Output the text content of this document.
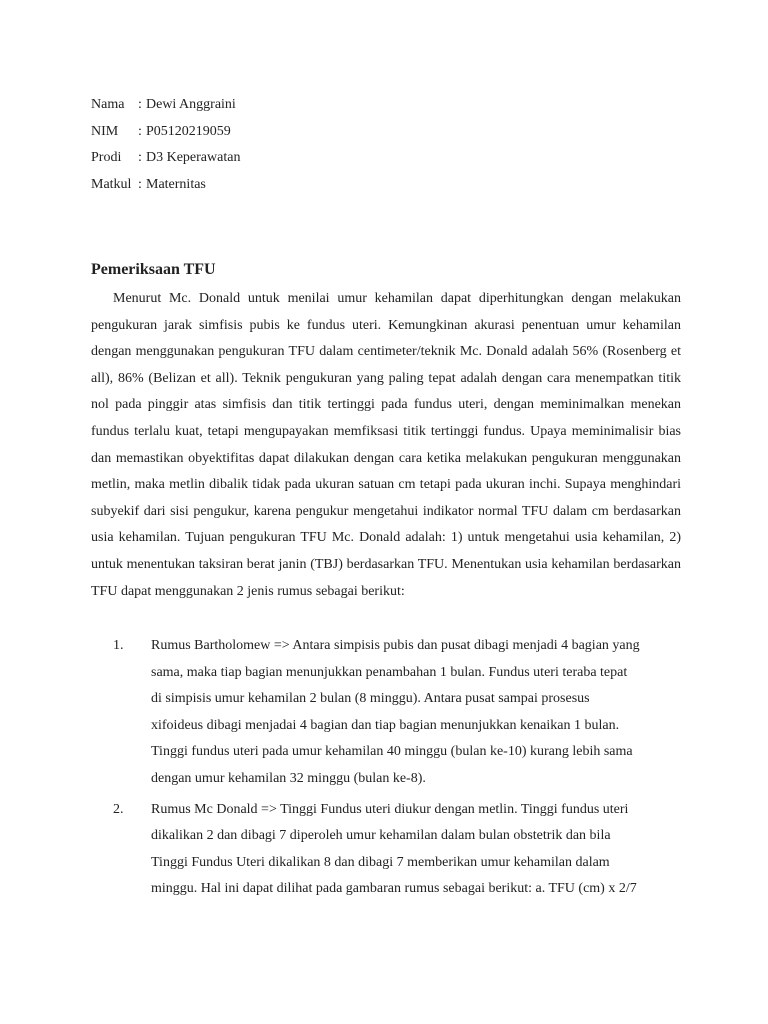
Nama : Dewi Anggraini
NIM	: P05120219059
Prodi	: D3 Keperawatan
Matkul : Maternitas
Pemeriksaan TFU

Menurut Mc. Donald untuk menilai umur kehamilan dapat diperhitungkan dengan melakukan pengukuran jarak simfisis pubis ke fundus uteri. Kemungkinan akurasi penentuan umur kehamilan dengan menggunakan pengukuran TFU dalam centimeter/teknik Mc. Donald adalah 56% (Rosenberg et all), 86% (Belizan et all). Teknik pengukuran yang paling tepat adalah dengan cara menempatkan titik nol pada pinggir atas simfisis dan titik tertinggi pada fundus uteri, dengan meminimalkan menekan fundus terlalu kuat, tetapi mengupayakan memfiksasi titik tertinggi fundus. Upaya meminimalisir bias dan memastikan obyektifitas dapat dilakukan dengan cara ketika melakukan pengukuran menggunakan metlin, maka metlin dibalik tidak pada ukuran satuan cm tetapi pada ukuran inchi. Supaya menghindari subyekif dari sisi pengukur, karena pengukur mengetahui indikator normal TFU dalam cm berdasarkan usia kehamilan. Tujuan pengukuran TFU Mc. Donald adalah: 1) untuk mengetahui usia kehamilan, 2) untuk menentukan taksiran berat janin (TBJ) berdasarkan TFU. Menentukan usia kehamilan berdasarkan TFU dapat menggunakan 2 jenis rumus sebagai berikut:

1. Rumus Bartholomew => Antara simpisis pubis dan pusat dibagi menjadi 4 bagian yang
sama, maka tiap bagian menunjukkan penambahan 1 bulan. Fundus uteri teraba tepat
di simpisis umur kehamilan 2 bulan (8 minggu). Antara pusat sampai prosesus
xifoideus dibagi menjadai 4 bagian dan tiap bagian menunjukkan kenaikan 1 bulan.
Tinggi fundus uteri pada umur kehamilan 40 minggu (bulan ke-10) kurang lebih sama
dengan umur kehamilan 32 minggu (bulan ke-8).
2. Rumus Mc Donald => Tinggi Fundus uteri diukur dengan metlin. Tinggi fundus uteri
dikalikan 2 dan dibagi 7 diperoleh umur kehamilan dalam bulan obstetrik dan bila
Tinggi Fundus Uteri dikalikan 8 dan dibagi 7 memberikan umur kehamilan dalam
minggu. Hal ini dapat dilihat pada gambaran rumus sebagai berikut: a. TFU (cm) x 2/7
